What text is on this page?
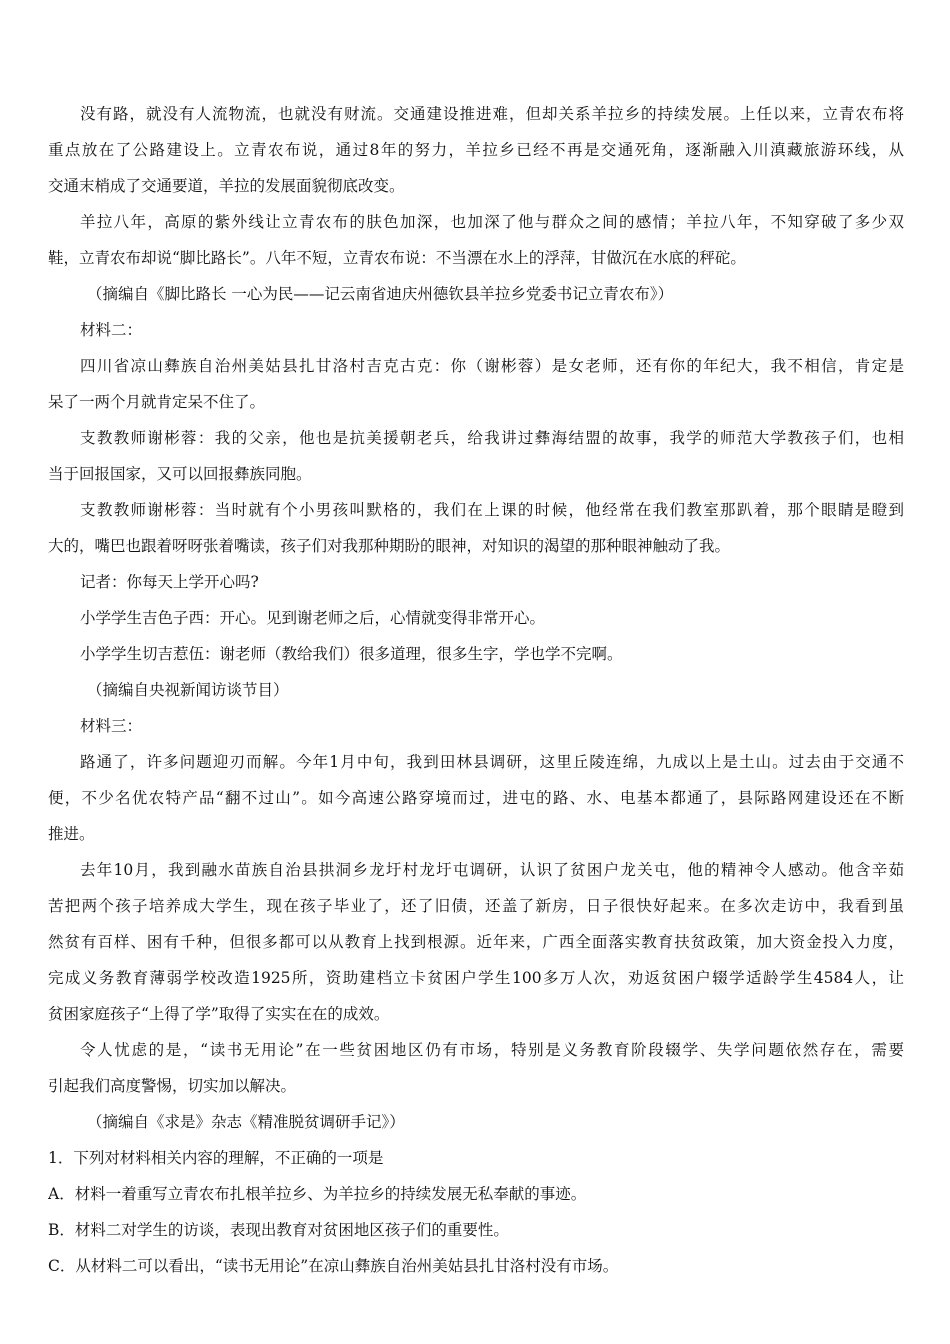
没有路，就没有人流物流，也就没有财流。交通建设推进难，但却关系羊拉乡的持续发展。上任以来，立青农布将

重点放在了公路建设上。立青农布说，通过8年的努力，羊拉乡已经不再是交通死角，逐渐融入川滇藏旅游环线，从

交通末梢成了交通要道，羊拉的发展面貌彻底改变。

羊拉八年，高原的紫外线让立青农布的肤色加深，也加深了他与群众之间的感情；羊拉八年，不知穿破了多少双

鞋，立青农布却说“脚比路长”。八年不短，立青农布说：不当漂在水上的浮萍，甘做沉在水底的秤砣。

（摘编自《脚比路长 一心为民——记云南省迪庆州德钦县羊拉乡党委书记立青农布》）

材料二：

四川省凉山彝族自治州美姑县扎甘洛村吉克古克：你（谢彬蓉）是女老师，还有你的年纪大，我不相信，肯定是

呆了一两个月就肯定呆不住了。

支教教师谢彬蓉：我的父亲，他也是抗美援朝老兵，给我讲过彝海结盟的故事，我学的师范大学教孩子们，也相

当于回报国家，又可以回报彝族同胞。

支教教师谢彬蓉：当时就有个小男孩叫默格的，我们在上课的时候，他经常在我们教室那趴着，那个眼睛是瞪到

大的，嘴巴也跟着呀呀张着嘴读，孩子们对我那种期盼的眼神，对知识的渴望的那种眼神触动了我。

记者：你每天上学开心吗?

小学学生吉色子西：开心。见到谢老师之后，心情就变得非常开心。

小学学生切吉惹伍：谢老师（教给我们）很多道理，很多生字，学也学不完啊。

（摘编自央视新闻访谈节目）

材料三：

路通了，许多问题迎刃而解。今年1月中旬，我到田林县调研，这里丘陵连绵，九成以上是土山。过去由于交通不

便，不少名优农特产品“翻不过山”。如今高速公路穿境而过，进屯的路、水、电基本都通了，县际路网建设还在不断

推进。

去年10月，我到融水苗族自治县拱洞乡龙圩村龙圩屯调研，认识了贫困户龙关屯，他的精神令人感动。他含辛茹

苦把两个孩子培养成大学生，现在孩子毕业了，还了旧债，还盖了新房，日子很快好起来。在多次走访中，我看到虽

然贫有百样、困有千种，但很多都可以从教育上找到根源。近年来，广西全面落实教育扶贫政策，加大资金投入力度，

完成义务教育薄弱学校改造1925所，资助建档立卡贫困户学生100多万人次，劝返贫困户辍学适龄学生4584人，让

贫困家庭孩子“上得了学”取得了实实在在的成效。

令人忧虑的是，“读书无用论”在一些贫困地区仍有市场，特别是义务教育阶段辍学、失学问题依然存在，需要

引起我们高度警惕，切实加以解决。

（摘编自《求是》杂志《精准脱贫调研手记》）

1．下列对材料相关内容的理解，不正确的一项是

A．材料一着重写立青农布扎根羊拉乡、为羊拉乡的持续发展无私奉献的事迹。

B．材料二对学生的访谈，表现出教育对贫困地区孩子们的重要性。

C．从材料二可以看出，“读书无用论”在凉山彝族自治州美姑县扎甘洛村没有市场。
